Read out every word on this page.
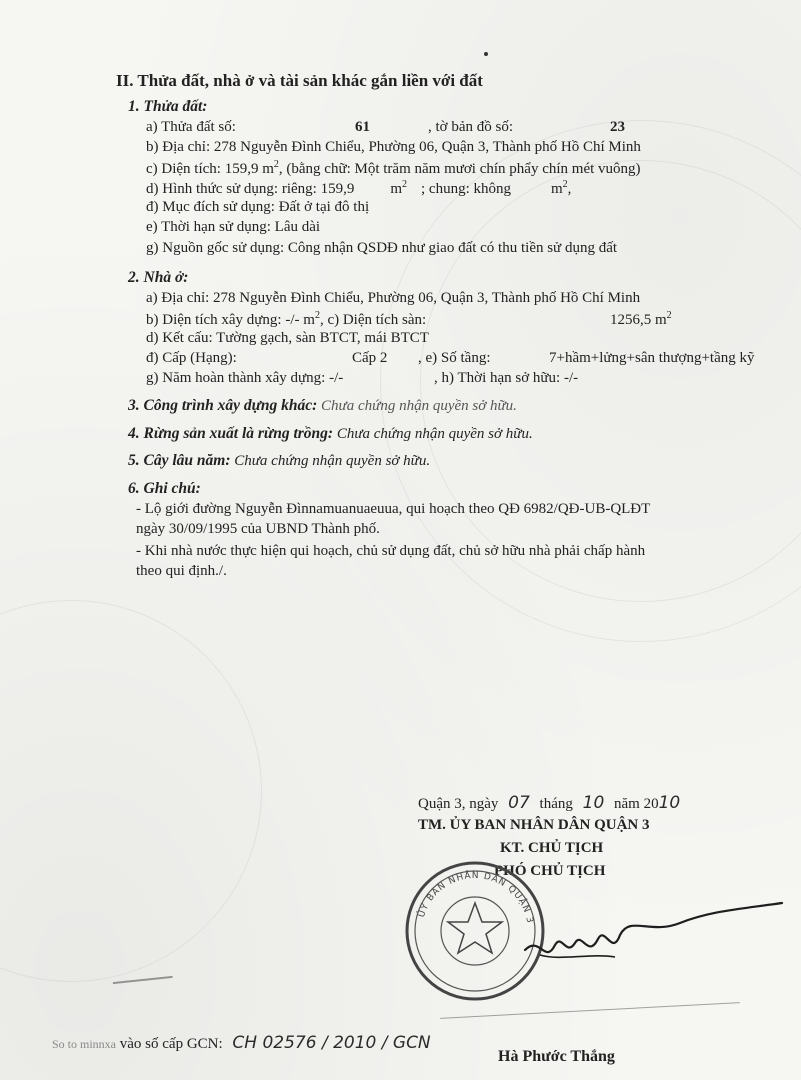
II. Thửa đất, nhà ở và tài sản khác gắn liền với đất
1. Thửa đất:
a) Thửa đất số:	61	, tờ bản đồ số:	23
b) Địa chỉ: 278 Nguyễn Đình Chiểu, Phường 06, Quận 3, Thành phố Hồ Chí Minh
c) Diện tích: 159,9 $m^2$, (bằng chữ: Một trăm năm mươi chín phẩy chín mét vuông)
d) Hình thức sử dụng: riêng: 159,9 $m^2$ ; chung: không	$m^2$,
đ) Mục đích sử dụng: Đất ở tại đô thị
e) Thời hạn sử dụng: Lâu dài
g) Nguồn gốc sử dụng: Công nhận QSDĐ như giao đất có thu tiền sử dụng đất
2. Nhà ở:
a) Địa chỉ: 278 Nguyễn Đình Chiểu, Phường 06, Quận 3, Thành phố Hồ Chí Minh
b) Diện tích xây dựng: -/- $m^2$, c) Diện tích sàn:	1256,5 $m^2$
d) Kết cấu: Tường gạch, sàn BTCT, mái BTCT
đ) Cấp (Hạng):	Cấp 2 , e) Số tầng:	7+hầm+lửng+sân thượng+tầng kỹ
g) Năm hoàn thành xây dựng: -/-	, h) Thời hạn sở hữu: -/-
3. Công trình xây dựng khác: Chưa chứng nhận quyền sở hữu.
4. Rừng sản xuất là rừng trồng: Chưa chứng nhận quyền sở hữu.
5. Cây lâu năm: Chưa chứng nhận quyền sở hữu.
6. Ghi chú:
- Lộ giới đường Nguyễn Đìnnamuanuaeuua, qui hoạch theo QĐ 6982/QĐ-UB-QLĐT
ngày 30/09/1995 của UBND Thành phố.
- Khi nhà nước thực hiện qui hoạch, chủ sử dụng đất, chủ sở hữu nhà phải chấp hành
theo qui định./.
Quận 3, ngày 07 tháng 10 năm 2010
TM. ỦY BAN NHÂN DÂN QUẬN 3
KT. CHỦ TỊCH
PHÓ CHỦ TỊCH
ỦY BAN NHÂN DÂN QUẬN 3
So to minnxa vào số cấp GCN: CH 02576 / 2010 / GCN
Hà Phước Thắng
